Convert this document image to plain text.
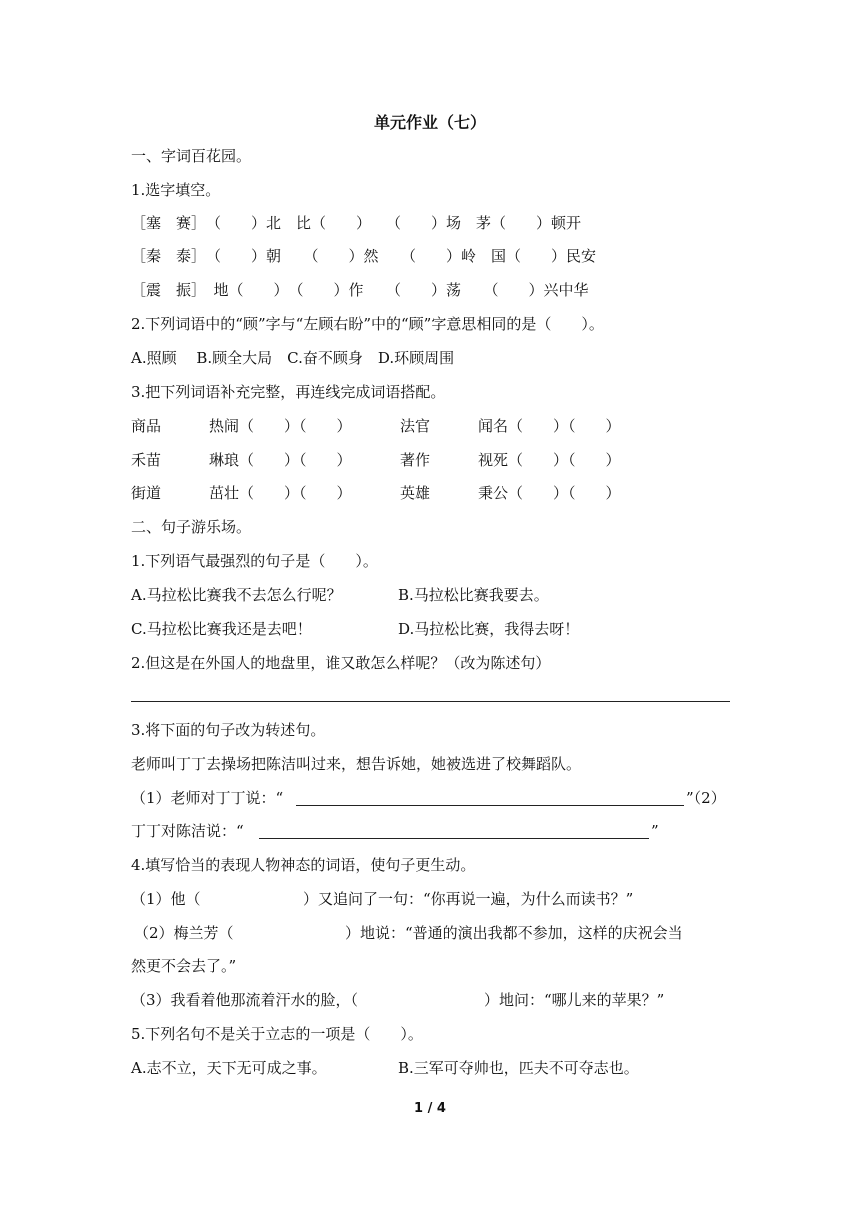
单元作业（七）
一、字词百花园。
1.选字填空。
［塞　赛］　（　　）北　比（　　）　　（　　）场　茅（　　）顿开
［秦　泰］　（　　）朝　　（　　）然　　（　　）岭　国（　　）民安
［震　振］　地（　　）　（　　）作　　（　　）荡　　（　　）兴中华
2.下列词语中的“顾”字与“左顾右盼”中的“顾”字意思相同的是（　　）。
A.照顾　 B.顾全大局　C.奋不顾身　D.环顾周围
3.把下列词语补充完整，再连线完成词语搭配。
商品	热闹（　　）（　　）	法官	闻名（　　）（　　）
禾苗	琳琅（　　）（　　）	著作	视死（　　）（　　）
街道	茁壮（　　）（　　）	英雄	秉公（　　）（　　）
二、句子游乐场。
1.下列语气最强烈的句子是（　　）。
A.马拉松比赛我不去怎么行呢？	B.马拉松比赛我要去。
C.马拉松比赛我还是去吧！	D.马拉松比赛，我得去呀！
2.但这是在外国人的地盘里，谁又敢怎么样呢？（改为陈述句）
3.将下面的句子改为转述句。
老师叫丁丁去操场把陈洁叫过来，想告诉她，她被选进了校舞蹈队。
（1）老师对丁丁说：“	”（2）
丁丁对陈洁说：“	”
4.填写恰当的表现人物神态的词语，使句子更生动。
（1）他（	）又追问了一句：“你再说一遍，为什么而读书？”
（2）梅兰芳（	）地说：“普通的演出我都不参加，这样的庆祝会当
然更不会去了。”
（3）我看着他那流着汗水的脸，（	）地问：“哪儿来的苹果？”
5.下列名句不是关于立志的一项是（　　）。
A.志不立，天下无可成之事。	B.三军可夺帅也，匹夫不可夺志也。
1 / 4
